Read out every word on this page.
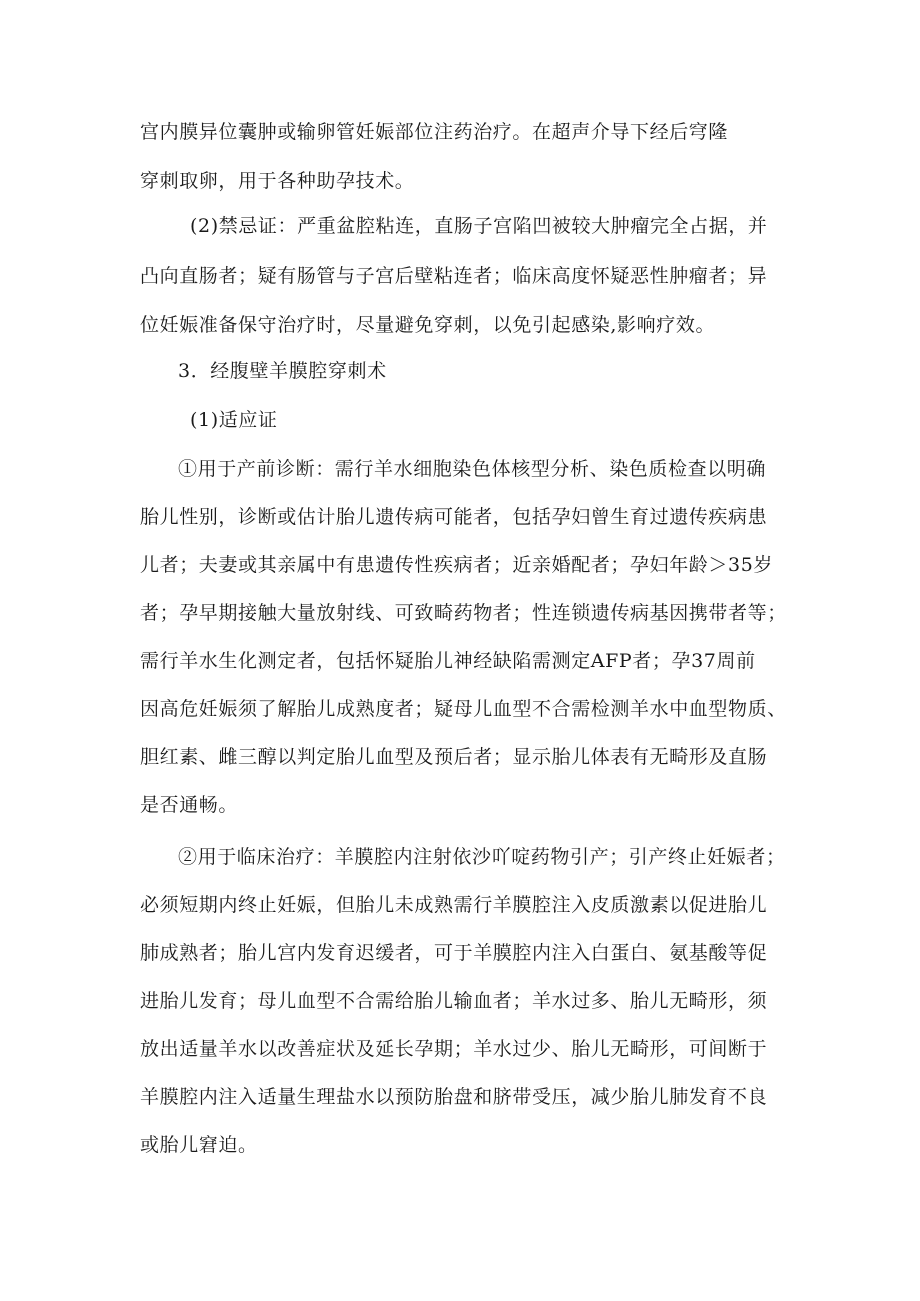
宫内膜异位囊肿或输卵管妊娠部位注药治疗。在超声介导下经后穹隆
穿刺取卵，用于各种助孕技术。
(2)禁忌证：严重盆腔粘连，直肠子宫陷凹被较大肿瘤完全占据，并
凸向直肠者；疑有肠管与子宫后壁粘连者；临床高度怀疑恶性肿瘤者；异
位妊娠准备保守治疗时，尽量避免穿刺，以免引起感染,影响疗效。
3．经腹壁羊膜腔穿刺术
(1)适应证
①用于产前诊断：需行羊水细胞染色体核型分析、染色质检查以明确
胎儿性别，诊断或估计胎儿遗传病可能者，包括孕妇曾生育过遗传疾病患
儿者；夫妻或其亲属中有患遗传性疾病者；近亲婚配者；孕妇年龄＞35岁
者；孕早期接触大量放射线、可致畸药物者；性连锁遗传病基因携带者等；
需行羊水生化测定者，包括怀疑胎儿神经缺陷需测定AFP者；孕37周前
因高危妊娠须了解胎儿成熟度者；疑母儿血型不合需检测羊水中血型物质、
胆红素、雌三醇以判定胎儿血型及预后者；显示胎儿体表有无畸形及直肠
是否通畅。
②用于临床治疗：羊膜腔内注射依沙吖啶药物引产；引产终止妊娠者；
必须短期内终止妊娠，但胎儿未成熟需行羊膜腔注入皮质激素以促进胎儿
肺成熟者；胎儿宫内发育迟缓者，可于羊膜腔内注入白蛋白、氨基酸等促
进胎儿发育；母儿血型不合需给胎儿输血者；羊水过多、胎儿无畸形，须
放出适量羊水以改善症状及延长孕期；羊水过少、胎儿无畸形，可间断于
羊膜腔内注入适量生理盐水以预防胎盘和脐带受压，减少胎儿肺发育不良
或胎儿窘迫。
